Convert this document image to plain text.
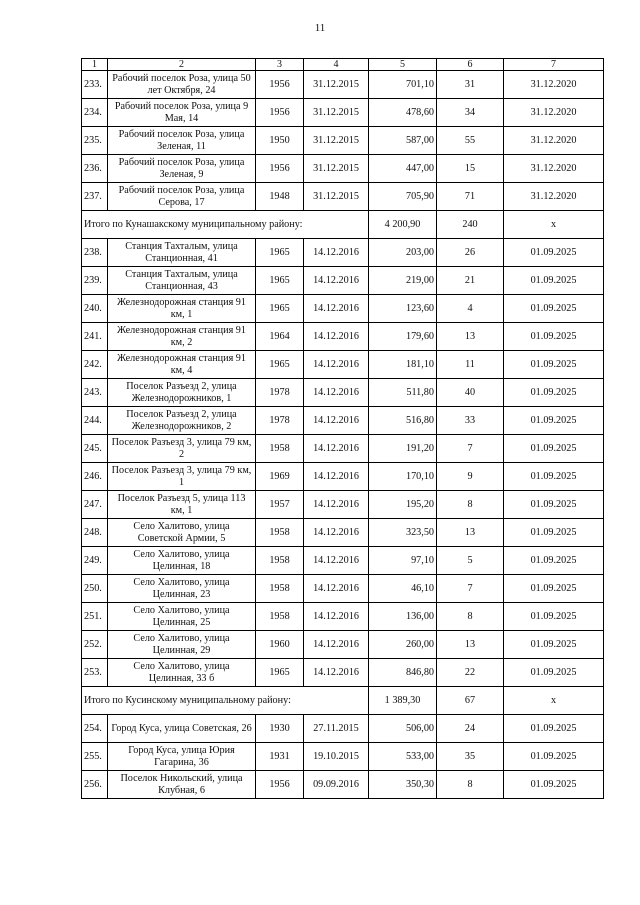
11
1	2	3	4	5	6	7
233.	Рабочий поселок Роза, улица 50 лет Октября, 24	1956	31.12.2015	701,10	31	31.12.2020
234.	Рабочий поселок Роза, улица 9 Мая, 14	1956	31.12.2015	478,60	34	31.12.2020
235.	Рабочий поселок Роза, улица Зеленая, 11	1950	31.12.2015	587,00	55	31.12.2020
236.	Рабочий поселок Роза, улица Зеленая, 9	1956	31.12.2015	447,00	15	31.12.2020
237.	Рабочий поселок Роза, улица Серова, 17	1948	31.12.2015	705,90	71	31.12.2020
Итого по Кунашакскому муниципальному району:				4 200,90	240	x
238.	Станция Тахталым, улица Станционная, 41	1965	14.12.2016	203,00	26	01.09.2025
239.	Станция Тахталым, улица Станционная, 43	1965	14.12.2016	219,00	21	01.09.2025
240.	Железнодорожная станция 91 км, 1	1965	14.12.2016	123,60	4	01.09.2025
241.	Железнодорожная станция 91 км, 2	1964	14.12.2016	179,60	13	01.09.2025
242.	Железнодорожная станция 91 км, 4	1965	14.12.2016	181,10	11	01.09.2025
243.	Поселок Разъезд 2, улица Железнодорожников, 1	1978	14.12.2016	511,80	40	01.09.2025
244.	Поселок Разъезд 2, улица Железнодорожников, 2	1978	14.12.2016	516,80	33	01.09.2025
245.	Поселок Разъезд 3, улица 79 км, 2	1958	14.12.2016	191,20	7	01.09.2025
246.	Поселок Разъезд 3, улица 79 км, 1	1969	14.12.2016	170,10	9	01.09.2025
247.	Поселок Разъезд 5, улица 113 км, 1	1957	14.12.2016	195,20	8	01.09.2025
248.	Село Халитово, улица Советской Армии, 5	1958	14.12.2016	323,50	13	01.09.2025
249.	Село Халитово, улица Целинная, 18	1958	14.12.2016	97,10	5	01.09.2025
250.	Село Халитово, улица Целинная, 23	1958	14.12.2016	46,10	7	01.09.2025
251.	Село Халитово, улица Целинная, 25	1958	14.12.2016	136,00	8	01.09.2025
252.	Село Халитово, улица Целинная, 29	1960	14.12.2016	260,00	13	01.09.2025
253.	Село Халитово, улица Целинная, 33 б	1965	14.12.2016	846,80	22	01.09.2025
Итого по Кусинскому муниципальному району:				1 389,30	67	x
254.	Город Куса, улица Советская, 26	1930	27.11.2015	506,00	24	01.09.2025
255.	Город Куса, улица Юрия Гагарина, 36	1931	19.10.2015	533,00	35	01.09.2025
256.	Поселок Никольский, улица Клубная, 6	1956	09.09.2016	350,30	8	01.09.2025
